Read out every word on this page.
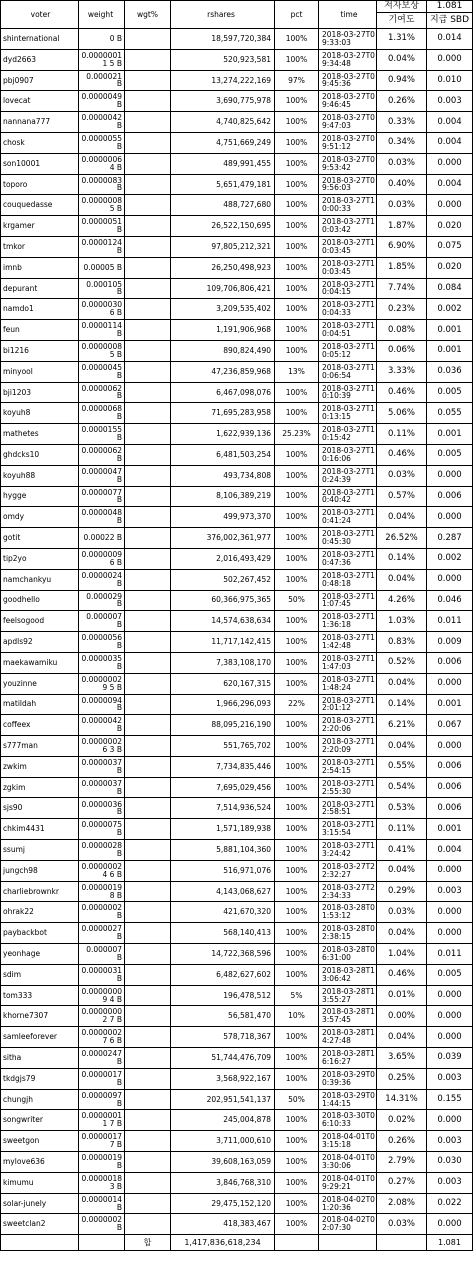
voter	weight	wgt%	rshares	pct	time	저자보상	1.081
						기여도	지급 SBD
shinternational	0 B		18,597,720,384	100%	2018-03-27T09:33:03	1.31%	0.014
dyd2663	0.00000011 5 B		520,923,581	100%	2018-03-27T09:34:48	0.04%	0.000
pbj0907	0.000021 B		13,274,222,169	97%	2018-03-27T09:45:36	0.94%	0.010
lovecat	0.0000049 B		3,690,775,978	100%	2018-03-27T09:46:45	0.26%	0.003
nannana777	0.0000042 B		4,740,825,642	100%	2018-03-27T09:47:03	0.33%	0.004
chosk	0.0000055 B		4,751,669,249	100%	2018-03-27T09:51:12	0.34%	0.004
son10001	0.00000064 B		489,991,455	100%	2018-03-27T09:53:42	0.03%	0.000
toporo	0.0000083 B		5,651,479,181	100%	2018-03-27T09:56:03	0.40%	0.004
couquedasse	0.00000085 B		488,727,680	100%	2018-03-27T10:00:33	0.03%	0.000
krgamer	0.0000051 B		26,522,150,695	100%	2018-03-27T10:03:42	1.87%	0.020
tmkor	0.0000124 B		97,805,212,321	100%	2018-03-27T10:03:45	6.90%	0.075
imnb	0.00005 B		26,250,498,923	100%	2018-03-27T10:03:45	1.85%	0.020
depurant	0.000105 B		109,706,806,421	100%	2018-03-27T10:04:15	7.74%	0.084
namdo1	0.00000306 B		3,209,535,402	100%	2018-03-27T10:04:33	0.23%	0.002
feun	0.0000114 B		1,191,906,968	100%	2018-03-27T10:04:51	0.08%	0.001
bi1216	0.00000085 B		890,824,490	100%	2018-03-27T10:05:12	0.06%	0.001
minyool	0.0000045 B		47,236,859,968	13%	2018-03-27T10:06:54	3.33%	0.036
bji1203	0.0000062 B		6,467,098,076	100%	2018-03-27T10:10:39	0.46%	0.005
koyuh8	0.0000068 B		71,695,283,958	100%	2018-03-27T10:13:15	5.06%	0.055
mathetes	0.0000155 B		1,622,939,136	25.23%	2018-03-27T10:15:42	0.11%	0.001
ghdcks10	0.0000062 B		6,481,503,254	100%	2018-03-27T10:16:06	0.46%	0.005
koyuh88	0.0000047 B		493,734,808	100%	2018-03-27T10:24:39	0.03%	0.000
hygge	0.0000077 B		8,106,389,219	100%	2018-03-27T10:40:42	0.57%	0.006
omdy	0.0000048 B		499,973,370	100%	2018-03-27T10:41:24	0.04%	0.000
gotit	0.00022 B		376,002,361,977	100%	2018-03-27T10:45:30	26.52%	0.287
tip2yo	0.00000096 B		2,016,493,429	100%	2018-03-27T10:47:36	0.14%	0.002
namchankyu	0.0000024 B		502,267,452	100%	2018-03-27T10:48:18	0.04%	0.000
goodhello	0.000029 B		60,366,975,365	50%	2018-03-27T11:07:45	4.26%	0.046
feelsogood	0.000007 B		14,574,638,634	100%	2018-03-27T11:36:18	1.03%	0.011
apdls92	0.0000056 B		11,717,142,415	100%	2018-03-27T11:42:48	0.83%	0.009
maekawamiku	0.0000035 B		7,383,108,170	100%	2018-03-27T11:47:03	0.52%	0.006
youzinne	0.00000029 5 B		620,167,315	100%	2018-03-27T11:48:24	0.04%	0.000
matildah	0.0000094 B		1,966,296,093	22%	2018-03-27T12:01:12	0.14%	0.001
coffeex	0.0000042 B		88,095,216,190	100%	2018-03-27T12:20:06	6.21%	0.067
s777man	0.00000026 3 B		551,765,702	100%	2018-03-27T12:20:09	0.04%	0.000
zwkim	0.0000037 B		7,734,835,446	100%	2018-03-27T12:54:15	0.55%	0.006
zgkim	0.0000037 B		7,695,029,456	100%	2018-03-27T12:55:30	0.54%	0.006
sjs90	0.0000036 B		7,514,936,524	100%	2018-03-27T12:58:51	0.53%	0.006
chkim4431	0.0000075 B		1,571,189,938	100%	2018-03-27T13:15:54	0.11%	0.001
ssumj	0.0000028 B		5,881,104,360	100%	2018-03-27T13:24:42	0.41%	0.004
jungch98	0.00000024 6 B		516,971,076	100%	2018-03-27T22:32:27	0.04%	0.000
charliebrownkr	0.00000198 B		4,143,068,627	100%	2018-03-27T22:34:33	0.29%	0.003
ohrak22	0.0000002 B		421,670,320	100%	2018-03-28T01:53:12	0.03%	0.000
paybackbot	0.0000027 B		568,140,413	100%	2018-03-28T02:38:15	0.04%	0.000
yeonhage	0.000007 B		14,722,368,596	100%	2018-03-28T06:31:00	1.04%	0.011
sdim	0.0000031 B		6,482,627,602	100%	2018-03-28T13:06:42	0.46%	0.005
tom333	0.00000009 4 B		196,478,512	5%	2018-03-28T13:55:27	0.01%	0.000
khorne7307	0.00000002 7 B		56,581,470	10%	2018-03-28T13:57:45	0.00%	0.000
samleeforever	0.00000027 6 B		578,718,367	100%	2018-03-28T14:27:48	0.04%	0.000
sitha	0.0000247 B		51,744,476,709	100%	2018-03-28T16:16:27	3.65%	0.039
tkdgjs79	0.0000017 B		3,568,922,167	100%	2018-03-29T00:39:36	0.25%	0.003
chungjh	0.0000097 B		202,951,541,137	50%	2018-03-29T01:44:15	14.31%	0.155
songwriter	0.00000011 7 B		245,004,878	100%	2018-03-30T06:10:33	0.02%	0.000
sweetgon	0.00000177 B		3,711,000,610	100%	2018-04-01T03:15:18	0.26%	0.003
mylove636	0.0000019 B		39,608,163,059	100%	2018-04-01T03:30:06	2.79%	0.030
kimumu	0.00000183 B		3,846,768,310	100%	2018-04-01T09:29:21	0.27%	0.003
solar-junely	0.0000014 B		29,475,152,120	100%	2018-04-02T01:20:36	2.08%	0.022
sweetclan2	0.0000002 B		418,383,467	100%	2018-04-02T02:07:30	0.03%	0.000
		합	1,417,836,618,234				1.081
